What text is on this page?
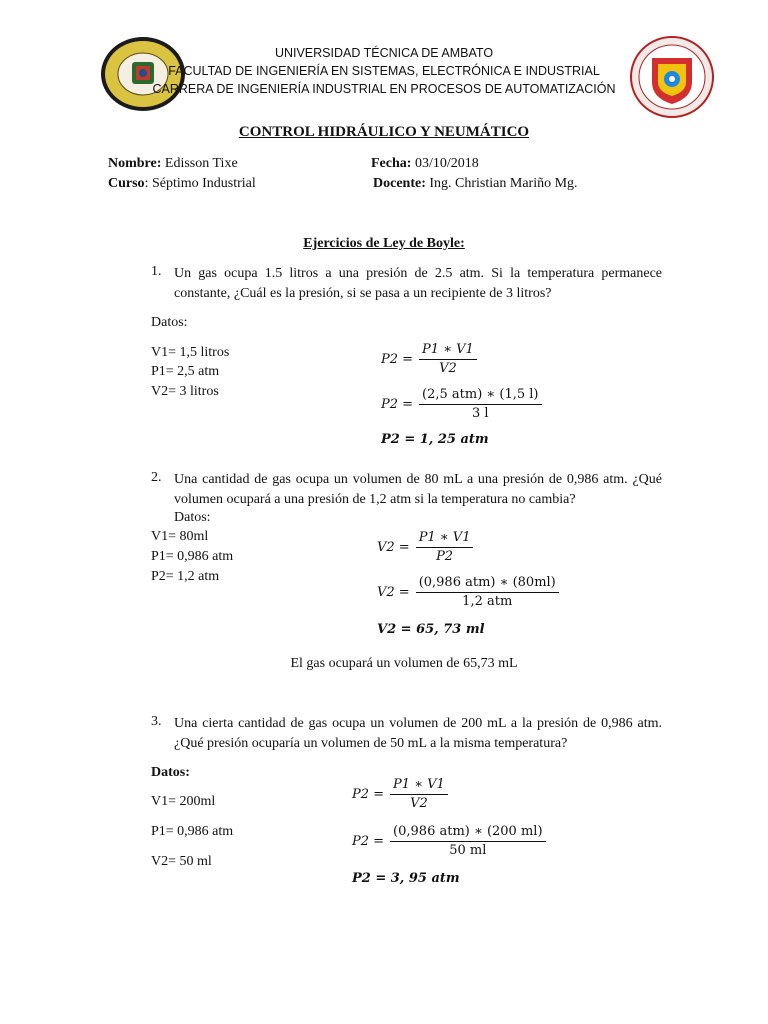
UNIVERSIDAD TÉCNICA DE AMBATO
FACULTAD DE INGENIERÍA EN SISTEMAS, ELECTRÓNICA E INDUSTRIAL
CARRERA DE INGENIERÍA INDUSTRIAL EN PROCESOS DE AUTOMATIZACIÓN
CONTROL HIDRÁULICO Y NEUMÁTICO
Nombre: Edisson Tixe	Fecha: 03/10/2018
Curso: Séptimo Industrial	Docente: Ing. Christian Mariño Mg.
Ejercicios de Ley de Boyle:
1. Un gas ocupa 1.5 litros a una presión de 2.5 atm. Si la temperatura permanece constante, ¿Cuál es la presión, si se pasa a un recipiente de 3 litros?
Datos:
V1= 1,5 litros
P1= 2,5 atm
V2= 3 litros
$P2 = \frac{P1 ∗ V1}{V2}$
$P2 = \frac{\text{(2,5 atm) ∗ (1,5 l)}}{3 l}$
P2 = 1, 25 atm
2. Una cantidad de gas ocupa un volumen de 80 mL a una presión de 0,986 atm. ¿Qué volumen ocupará a una presión de 1,2 atm si la temperatura no cambia?
Datos:
V1= 80ml
P1= 0,986 atm
P2= 1,2 atm
$V2 = \frac{P1 ∗ V1}{P2}$
$V2 = \frac{\text{(0,986 atm) ∗ (80ml)}}{\text{1,2 atm}}$
V2 = 65, 73 ml
El gas ocupará un volumen de 65,73 mL
3. Una cierta cantidad de gas ocupa un volumen de 200 mL a la presión de 0,986 atm. ¿Qué presión ocuparía un volumen de 50 mL a la misma temperatura?
Datos:
V1= 200ml
P1= 0,986 atm
V2= 50 ml
$P2 = \frac{P1 ∗ V1}{V2}$
$P2 = \frac{\text{(0,986 atm) ∗ (200 ml)}}{50 ml}$
P2 = 3, 95 atm
